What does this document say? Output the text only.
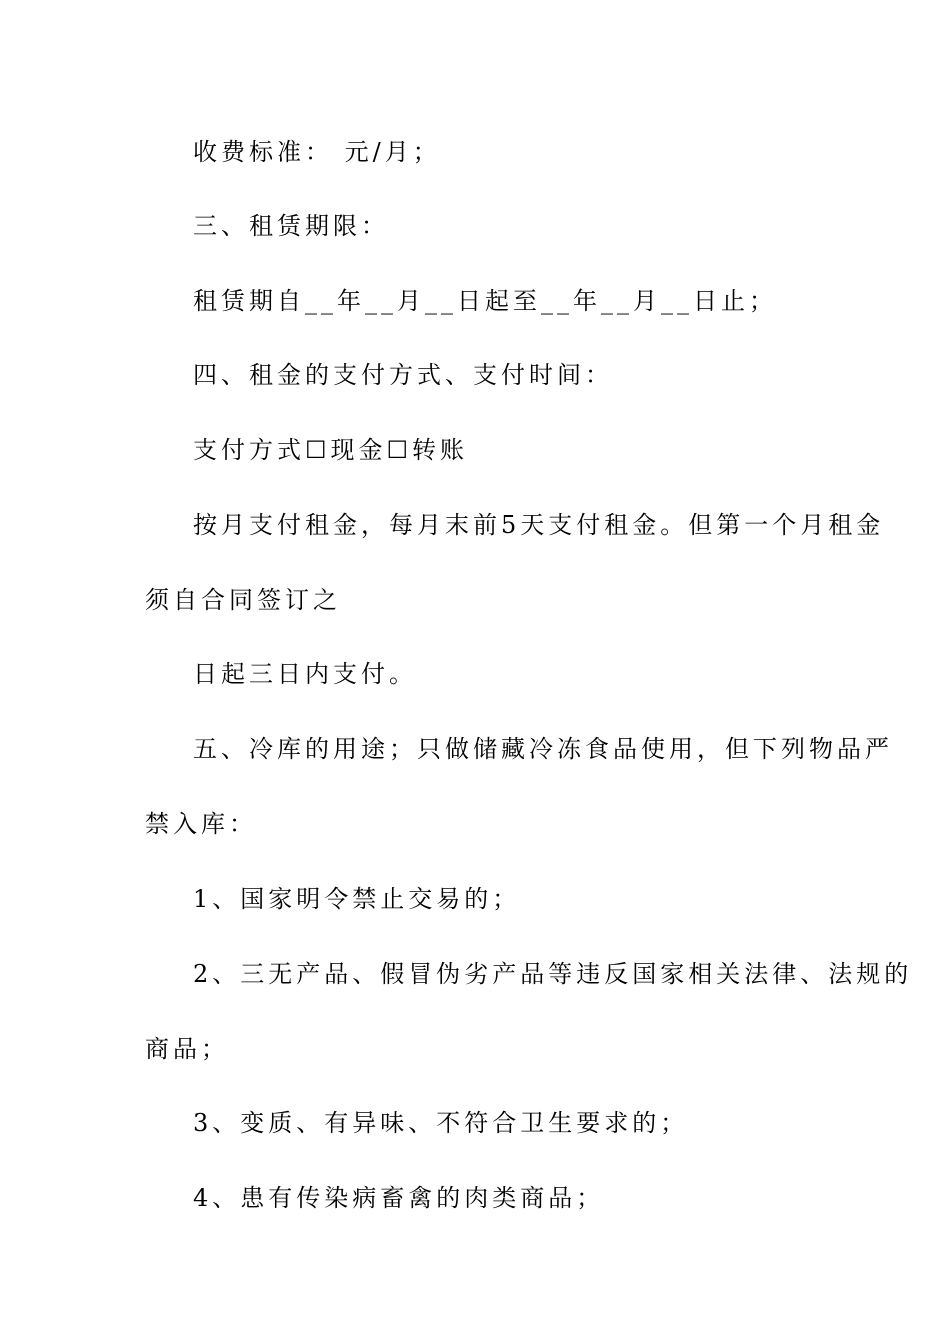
收费标准： 元/月；

三、租赁期限：

租赁期自__年__月__日起至__年__月__日止；

四、租金的支付方式、支付时间：

支付方式☐现金☐转账

按月支付租金，每月末前5天支付租金。但第一个月租金

须自合同签订之

日起三日内支付。

五、冷库的用途；只做储藏冷冻食品使用，但下列物品严

禁入库：

1、国家明令禁止交易的；

2、三无产品、假冒伪劣产品等违反国家相关法律、法规的

商品；

3、变质、有异味、不符合卫生要求的；

4、患有传染病畜禽的肉类商品；
